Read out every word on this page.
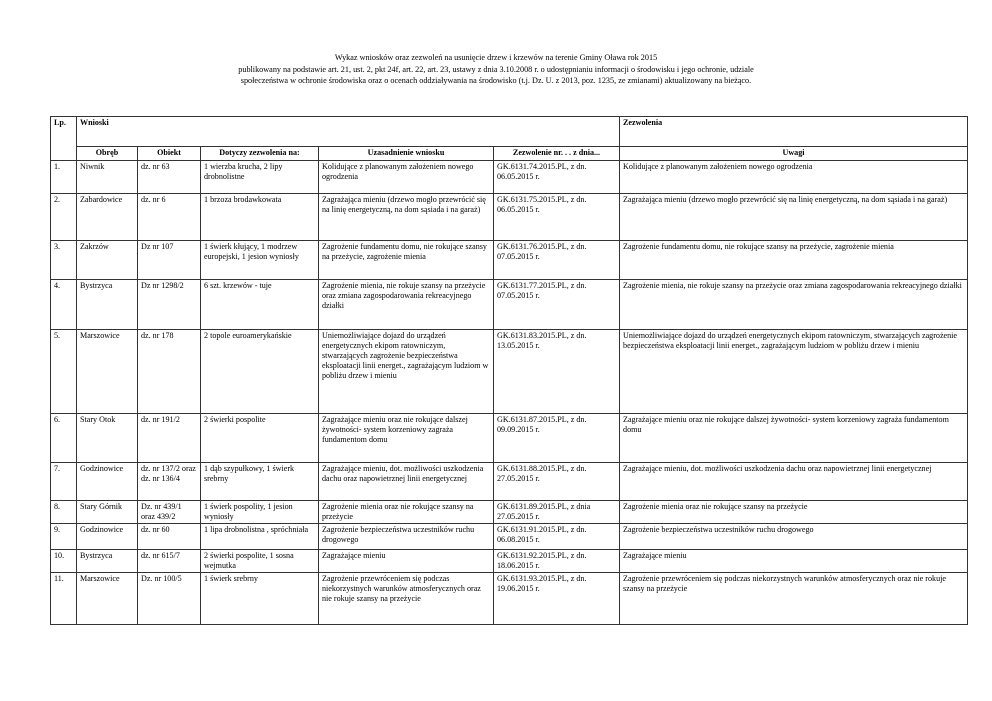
Wykaz wniosków oraz zezwoleń na usunięcie drzew i krzewów na terenie Gminy Oława rok 2015
publikowany na podstawie art. 21, ust. 2, pkt 24f, art. 22, art. 23, ustawy z dnia 3.10.2008 r. o udostępnianiu informacji o środowisku i jego ochronie, udziale
społeczeństwa w ochronie środowiska oraz o ocenach oddziaływania na środowisko (t.j. Dz. U. z 2013, poz. 1235, ze zmianami) aktualizowany na bieżąco.
Lp.	Wnioski					Zezwolenia
	Obręb	Obiekt	Dotyczy zezwolenia na:	Uzasadnienie wniosku	Zezwolenie nr. . . z dnia...	Uwagi
1.	Niwnik	dz. nr 63	1 wierzba krucha, 2 lipy drobnolistne	Kolidujące z planowanym założeniem nowego ogrodzenia	GK.6131.74.2015.PL, z dn. 06.05.2015 r.	Kolidujące z planowanym założeniem nowego ogrodzenia
2.	Zabardowice	dz. nr 6	1 brzoza brodawkowata	Zagrażająca mieniu (drzewo mogło przewrócić się na linię energetyczną, na dom sąsiada i na garaż)	GK.6131.75.2015.PL, z dn. 06.05.2015 r.	Zagrażająca mieniu (drzewo mogło przewrócić się na linię energetyczną, na dom sąsiada i na garaż)
3.	Zakrzów	Dz nr 107	1 świerk kłujący, 1 modrzew europejski, 1 jesion wyniosły	Zagrożenie fundamentu domu, nie rokujące szansy na przeżycie, zagrożenie mienia	GK.6131.76.2015.PL, z dn. 07.05.2015 r.	Zagrożenie fundamentu domu, nie rokujące szansy na przeżycie, zagrożenie mienia
4.	Bystrzyca	Dz nr 1298/2	6 szt. krzewów - tuje	Zagrożenie mienia, nie rokuje szansy na przeżycie oraz zmiana zagospodarowania rekreacyjnego działki	GK.6131.77.2015.PL, z dn. 07.05.2015 r.	Zagrożenie mienia, nie rokuje szansy na przeżycie oraz zmiana zagospodarowania rekreacyjnego działki
5.	Marszowice	dz. nr 178	2 topole euroamerykańskie	Uniemożliwiające dojazd do urządzeń energetycznych ekipom ratowniczym, stwarzających zagrożenie bezpieczeństwa eksploatacji linii energet., zagrażającym ludziom w pobliżu drzew i mieniu	GK.6131.83.2015.PL, z dn. 13.05.2015 r.	Uniemożliwiające dojazd do urządzeń energetycznych ekipom ratowniczym, stwarzających zagrożenie bezpieczeństwa eksploatacji linii energet., zagrażającym ludziom w pobliżu drzew i mieniu
6.	Stary Otok	dz. nr 191/2	2 świerki pospolite	Zagrażające mieniu oraz nie rokujące dalszej żywotności- system korzeniowy zagraża fundamentom domu	GK.6131.87.2015.PL, z dn. 09.09.2015 r.	Zagrażające mieniu oraz nie rokujące dalszej żywotności- system korzeniowy zagraża fundamentom domu
7.	Godzinowice	dz. nr 137/2 oraz dz. nr 136/4	1 dąb szypułkowy, 1 świerk srebrny	Zagrażające mieniu, dot. możliwości uszkodzenia dachu oraz napowietrznej linii energetycznej	GK.6131.88.2015.PL, z dn. 27.05.2015 r.	Zagrażające mieniu, dot. możliwości uszkodzenia dachu oraz napowietrznej linii energetycznej
8.	Stary Górnik	Dz. nr 439/1 oraz 439/2	1 świerk pospolity, 1 jesion wyniosły	Zagrożenie mienia oraz nie rokujące szansy na przeżycie	GK.6131.89.2015.PL, z dnia 27.05.2015 r.	Zagrożenie mienia oraz nie rokujące szansy na przeżycie
9.	Godzinowice	dz. nr 60	1 lipa drobnolistna , spróchniała	Zagrożenie bezpieczeństwa uczestników ruchu drogowego	GK.6131.91.2015.PL, z dn. 06.08.2015 r.	Zagrożenie bezpieczeństwa uczestników ruchu drogowego
10.	Bystrzyca	dz. nr 615/7	2 świerki pospolite, 1 sosna wejmutka	Zagrażające mieniu	GK.6131.92.2015.PL, z dn. 18.06.2015 r.	Zagrażające mieniu
11.	Marszowice	Dz. nr 100/5	1 świerk srebrny	Zagrożenie przewróceniem się podczas niekorzystnych warunków atmosferycznych oraz nie rokuje szansy na przeżycie	GK.6131.93.2015.PL, z dn. 19.06.2015 r.	Zagrożenie przewróceniem się podczas niekorzystnych warunków atmosferycznych oraz nie rokuje szansy na przeżycie
